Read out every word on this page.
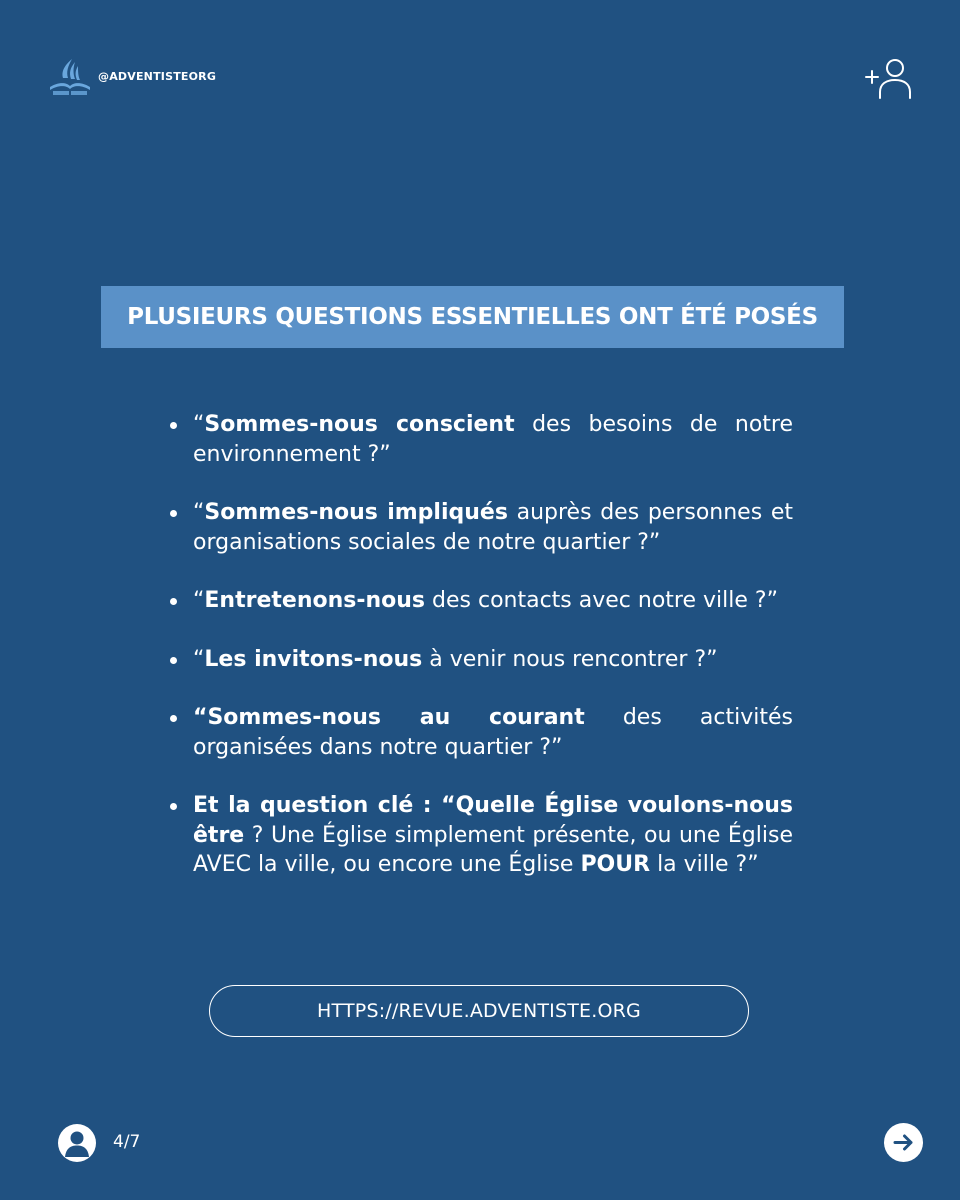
@ADVENTISTEORG
PLUSIEURS QUESTIONS ESSENTIELLES ONT ÉTÉ POSÉS
“Sommes-nous conscient des besoins de notre environnement ?”
“Sommes-nous impliqués auprès des personnes et organisations sociales de notre quartier ?”
“Entretenons-nous des contacts avec notre ville ?”
“Les invitons-nous à venir nous rencontrer ?”
“Sommes-nous au courant des activités organisées dans notre quartier ?”
Et la question clé : “Quelle Église voulons-nous être ? Une Église simplement présente, ou une Église AVEC la ville, ou encore une Église POUR la ville ?”
HTTPS://REVUE.ADVENTISTE.ORG
4/7
